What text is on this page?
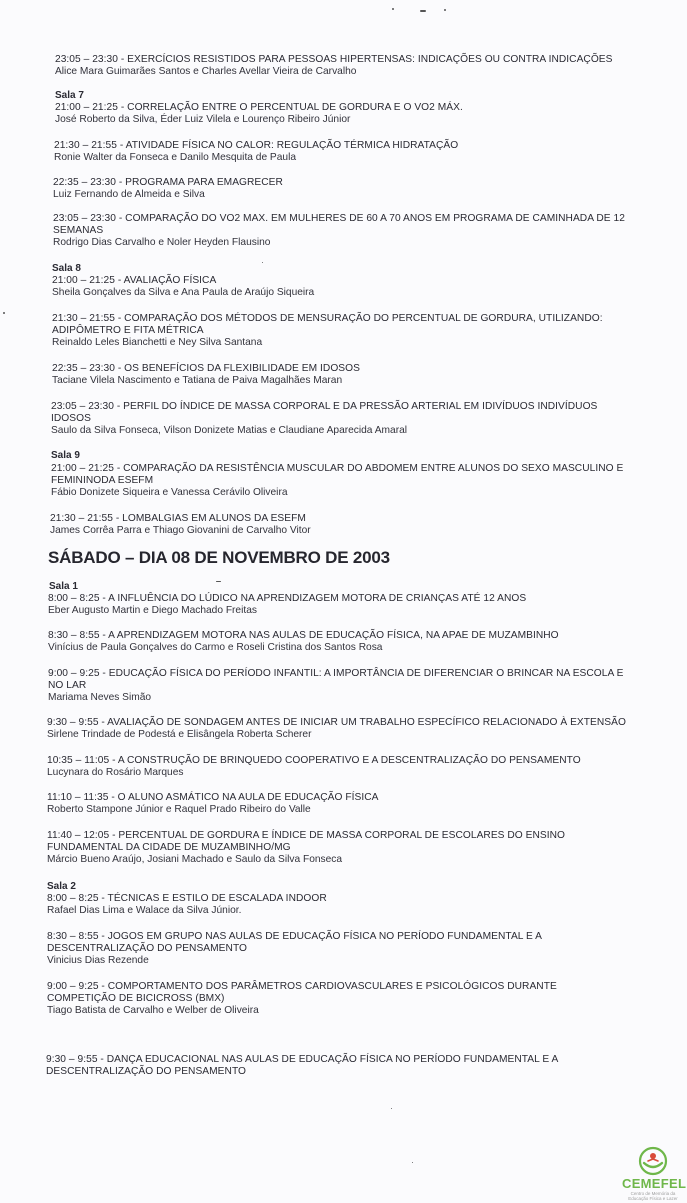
23:05 – 23:30 - EXERCÍCIOS RESISTIDOS PARA PESSOAS HIPERTENSAS: INDICAÇÕES OU CONTRA INDICAÇÕES
Alice Mara Guimarães Santos e Charles Avellar Vieira de Carvalho
Sala 7
21:00 – 21:25 - CORRELAÇÃO ENTRE O PERCENTUAL DE GORDURA E O VO2 MÁX.
José Roberto da Silva, Éder Luiz Vilela e Lourenço Ribeiro Júnior
21:30 – 21:55 - ATIVIDADE FÍSICA NO CALOR: REGULAÇÃO TÉRMICA HIDRATAÇÃO
Ronie Walter da Fonseca e Danilo Mesquita de Paula
22:35 – 23:30 - PROGRAMA PARA EMAGRECER
Luiz Fernando de Almeida e Silva
23:05 – 23:30 - COMPARAÇÃO DO VO2 MAX. EM MULHERES DE 60 A 70 ANOS EM PROGRAMA DE CAMINHADA DE 12
SEMANAS
Rodrigo Dias Carvalho e Noler Heyden Flausino
Sala 8
21:00 – 21:25 - AVALIAÇÃO FÍSICA
Sheila Gonçalves da Silva e Ana Paula de Araújo Siqueira
21:30 – 21:55 - COMPARAÇÃO DOS MÉTODOS DE MENSURAÇÃO DO PERCENTUAL DE GORDURA, UTILIZANDO:
ADIPÔMETRO E FITA MÉTRICA
Reinaldo Leles Bianchetti e Ney Silva Santana
22:35 – 23:30 - OS BENEFÍCIOS DA FLEXIBILIDADE EM IDOSOS
Taciane Vilela Nascimento e Tatiana de Paiva Magalhães Maran
23:05 – 23:30 - PERFIL DO ÍNDICE DE MASSA CORPORAL E DA PRESSÃO ARTERIAL EM IDIVÍDUOS INDIVÍDUOS
IDOSOS
Saulo da Silva Fonseca, Vilson Donizete Matias e Claudiane Aparecida Amaral
Sala 9
21:00 – 21:25 - COMPARAÇÃO DA RESISTÊNCIA MUSCULAR DO ABDOMEM ENTRE ALUNOS DO SEXO MASCULINO E
FEMININODA ESEFM
Fábio Donizete Siqueira e Vanessa Cerávilo Oliveira
21:30 – 21:55 - LOMBALGIAS EM ALUNOS DA ESEFM
James Corrêa Parra e Thiago Giovanini de Carvalho Vitor
SÁBADO – DIA 08 DE NOVEMBRO DE 2003
Sala 1
8:00 – 8:25 - A INFLUÊNCIA DO LÚDICO NA APRENDIZAGEM MOTORA DE CRIANÇAS ATÉ 12 ANOS
Eber Augusto Martin e Diego Machado Freitas
8:30 – 8:55 - A APRENDIZAGEM MOTORA NAS AULAS DE EDUCAÇÃO FÍSICA, NA APAE DE MUZAMBINHO
Vinícius de Paula Gonçalves do Carmo e Roseli Cristina dos Santos Rosa
9:00 – 9:25 - EDUCAÇÃO FÍSICA DO PERÍODO INFANTIL: A IMPORTÂNCIA DE DIFERENCIAR O BRINCAR NA ESCOLA E
NO LAR
Mariama Neves Simão
9:30 – 9:55 - AVALIAÇÃO DE SONDAGEM ANTES DE INICIAR UM TRABALHO ESPECÍFICO RELACIONADO À EXTENSÃO
Sirlene Trindade de Podestá e Elisângela Roberta Scherer
10:35 – 11:05 - A CONSTRUÇÃO DE BRINQUEDO COOPERATIVO E A DESCENTRALIZAÇÃO DO PENSAMENTO
Lucynara do Rosário Marques
11:10 – 11:35 - O ALUNO ASMÁTICO NA AULA DE EDUCAÇÃO FÍSICA
Roberto Stampone Júnior e Raquel Prado Ribeiro do Valle
11:40 – 12:05 - PERCENTUAL DE GORDURA E ÍNDICE DE MASSA CORPORAL DE ESCOLARES DO ENSINO
FUNDAMENTAL DA CIDADE DE MUZAMBINHO/MG
Márcio Bueno Araújo, Josiani Machado e Saulo da Silva Fonseca
Sala 2
8:00 – 8:25 - TÉCNICAS E ESTILO DE ESCALADA INDOOR
Rafael Dias Lima e Walace da Silva Júnior.
8:30 – 8:55 - JOGOS EM GRUPO NAS AULAS DE EDUCAÇÃO FÍSICA NO PERÍODO FUNDAMENTAL E A
DESCENTRALIZAÇÃO DO PENSAMENTO
Vinicius Dias Rezende
9:00 – 9:25 - COMPORTAMENTO DOS PARÂMETROS CARDIOVASCULARES E PSICOLÓGICOS DURANTE
COMPETIÇÃO DE BICICROSS (BMX)
Tiago Batista de Carvalho e Welber de Oliveira
9:30 – 9:55 - DANÇA EDUCACIONAL NAS AULAS DE EDUCAÇÃO FÍSICA NO PERÍODO FUNDAMENTAL E A
DESCENTRALIZAÇÃO DO PENSAMENTO
CEMEFEL
Centro de Memória da Educação Física e Lazer
